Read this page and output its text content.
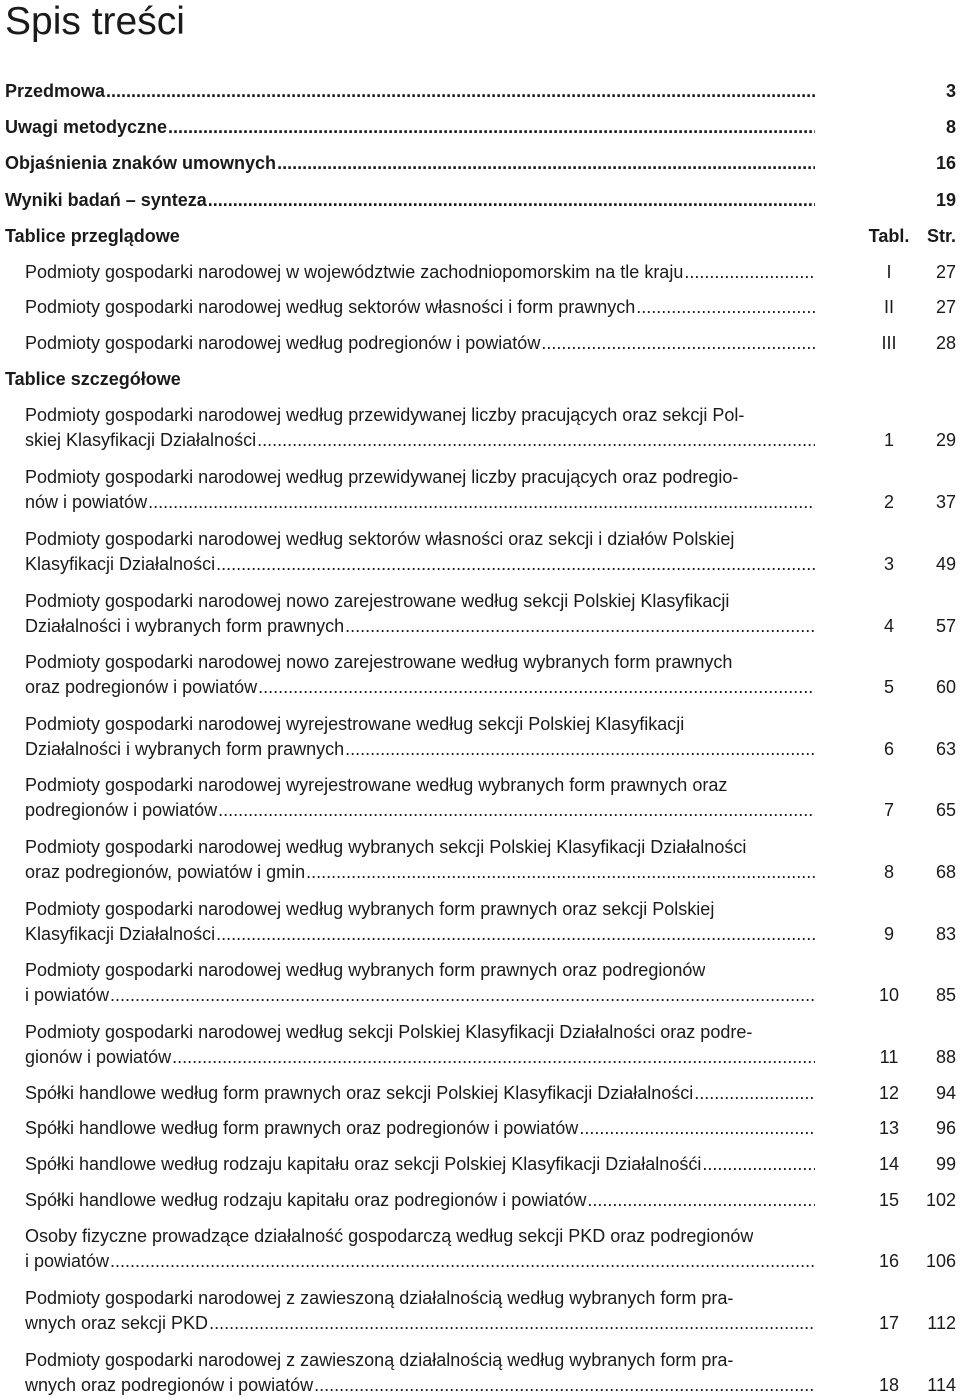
Spis treści
Przedmowa .....	3
Uwagi metodyczne .....	8
Objaśnienia znaków umownych .....	16
Wyniki badań – synteza .....	19
Tablice przeglądowe	Tabl. Str.
Podmioty gospodarki narodowej w województwie zachodniopomorskim na tle kraju .....	I	27
Podmioty gospodarki narodowej według sektorów własności i form prawnych .....	II	27
Podmioty gospodarki narodowej według podregionów i powiatów .....	III	28
Tablice szczegółowe
Podmioty gospodarki narodowej według przewidywanej liczby pracujących oraz sekcji Pol-
skiej Klasyfikacji Działalności .....	1	29
Podmioty gospodarki narodowej według przewidywanej liczby pracujących oraz podregio-
nów i powiatów .....	2	37
Podmioty gospodarki narodowej według sektorów własności oraz sekcji i działów Polskiej
Klasyfikacji Działalności .....	3	49
Podmioty gospodarki narodowej nowo zarejestrowane według sekcji Polskiej Klasyfikacji
Działalności i wybranych form prawnych .....	4	57
Podmioty gospodarki narodowej nowo zarejestrowane według wybranych form prawnych
oraz podregionów i powiatów .....	5	60
Podmioty gospodarki narodowej wyrejestrowane według sekcji Polskiej Klasyfikacji
Działalności i wybranych form prawnych .....	6	63
Podmioty gospodarki narodowej wyrejestrowane według wybranych form prawnych oraz
podregionów i powiatów .....	7	65
Podmioty gospodarki narodowej według wybranych sekcji Polskiej Klasyfikacji Działalności
oraz podregionów, powiatów i gmin .....	8	68
Podmioty gospodarki narodowej według wybranych form prawnych oraz sekcji Polskiej
Klasyfikacji Działalności .....	9	83
Podmioty gospodarki narodowej według wybranych form prawnych oraz podregionów
i powiatów .....	10	85
Podmioty gospodarki narodowej według sekcji Polskiej Klasyfikacji Działalności oraz podre-
gionów i powiatów .....	11	88
Spółki handlowe według form prawnych oraz sekcji Polskiej Klasyfikacji Działalności .....	12	94
Spółki handlowe według form prawnych oraz podregionów i powiatów .....	13	96
Spółki handlowe według rodzaju kapitału oraz sekcji Polskiej Klasyfikacji Działalnośći .....	14	99
Spółki handlowe według rodzaju kapitału oraz podregionów i powiatów .....	15	102
Osoby fizyczne prowadzące działalność gospodarczą według sekcji PKD oraz podregionów
i powiatów .....	16	106
Podmioty gospodarki narodowej z zawieszoną działalnością według wybranych form pra-
wnych oraz sekcji PKD .....	17	112
Podmioty gospodarki narodowej z zawieszoną działalnością według wybranych form pra-
wnych oraz podregionów i powiatów .....	18	114
